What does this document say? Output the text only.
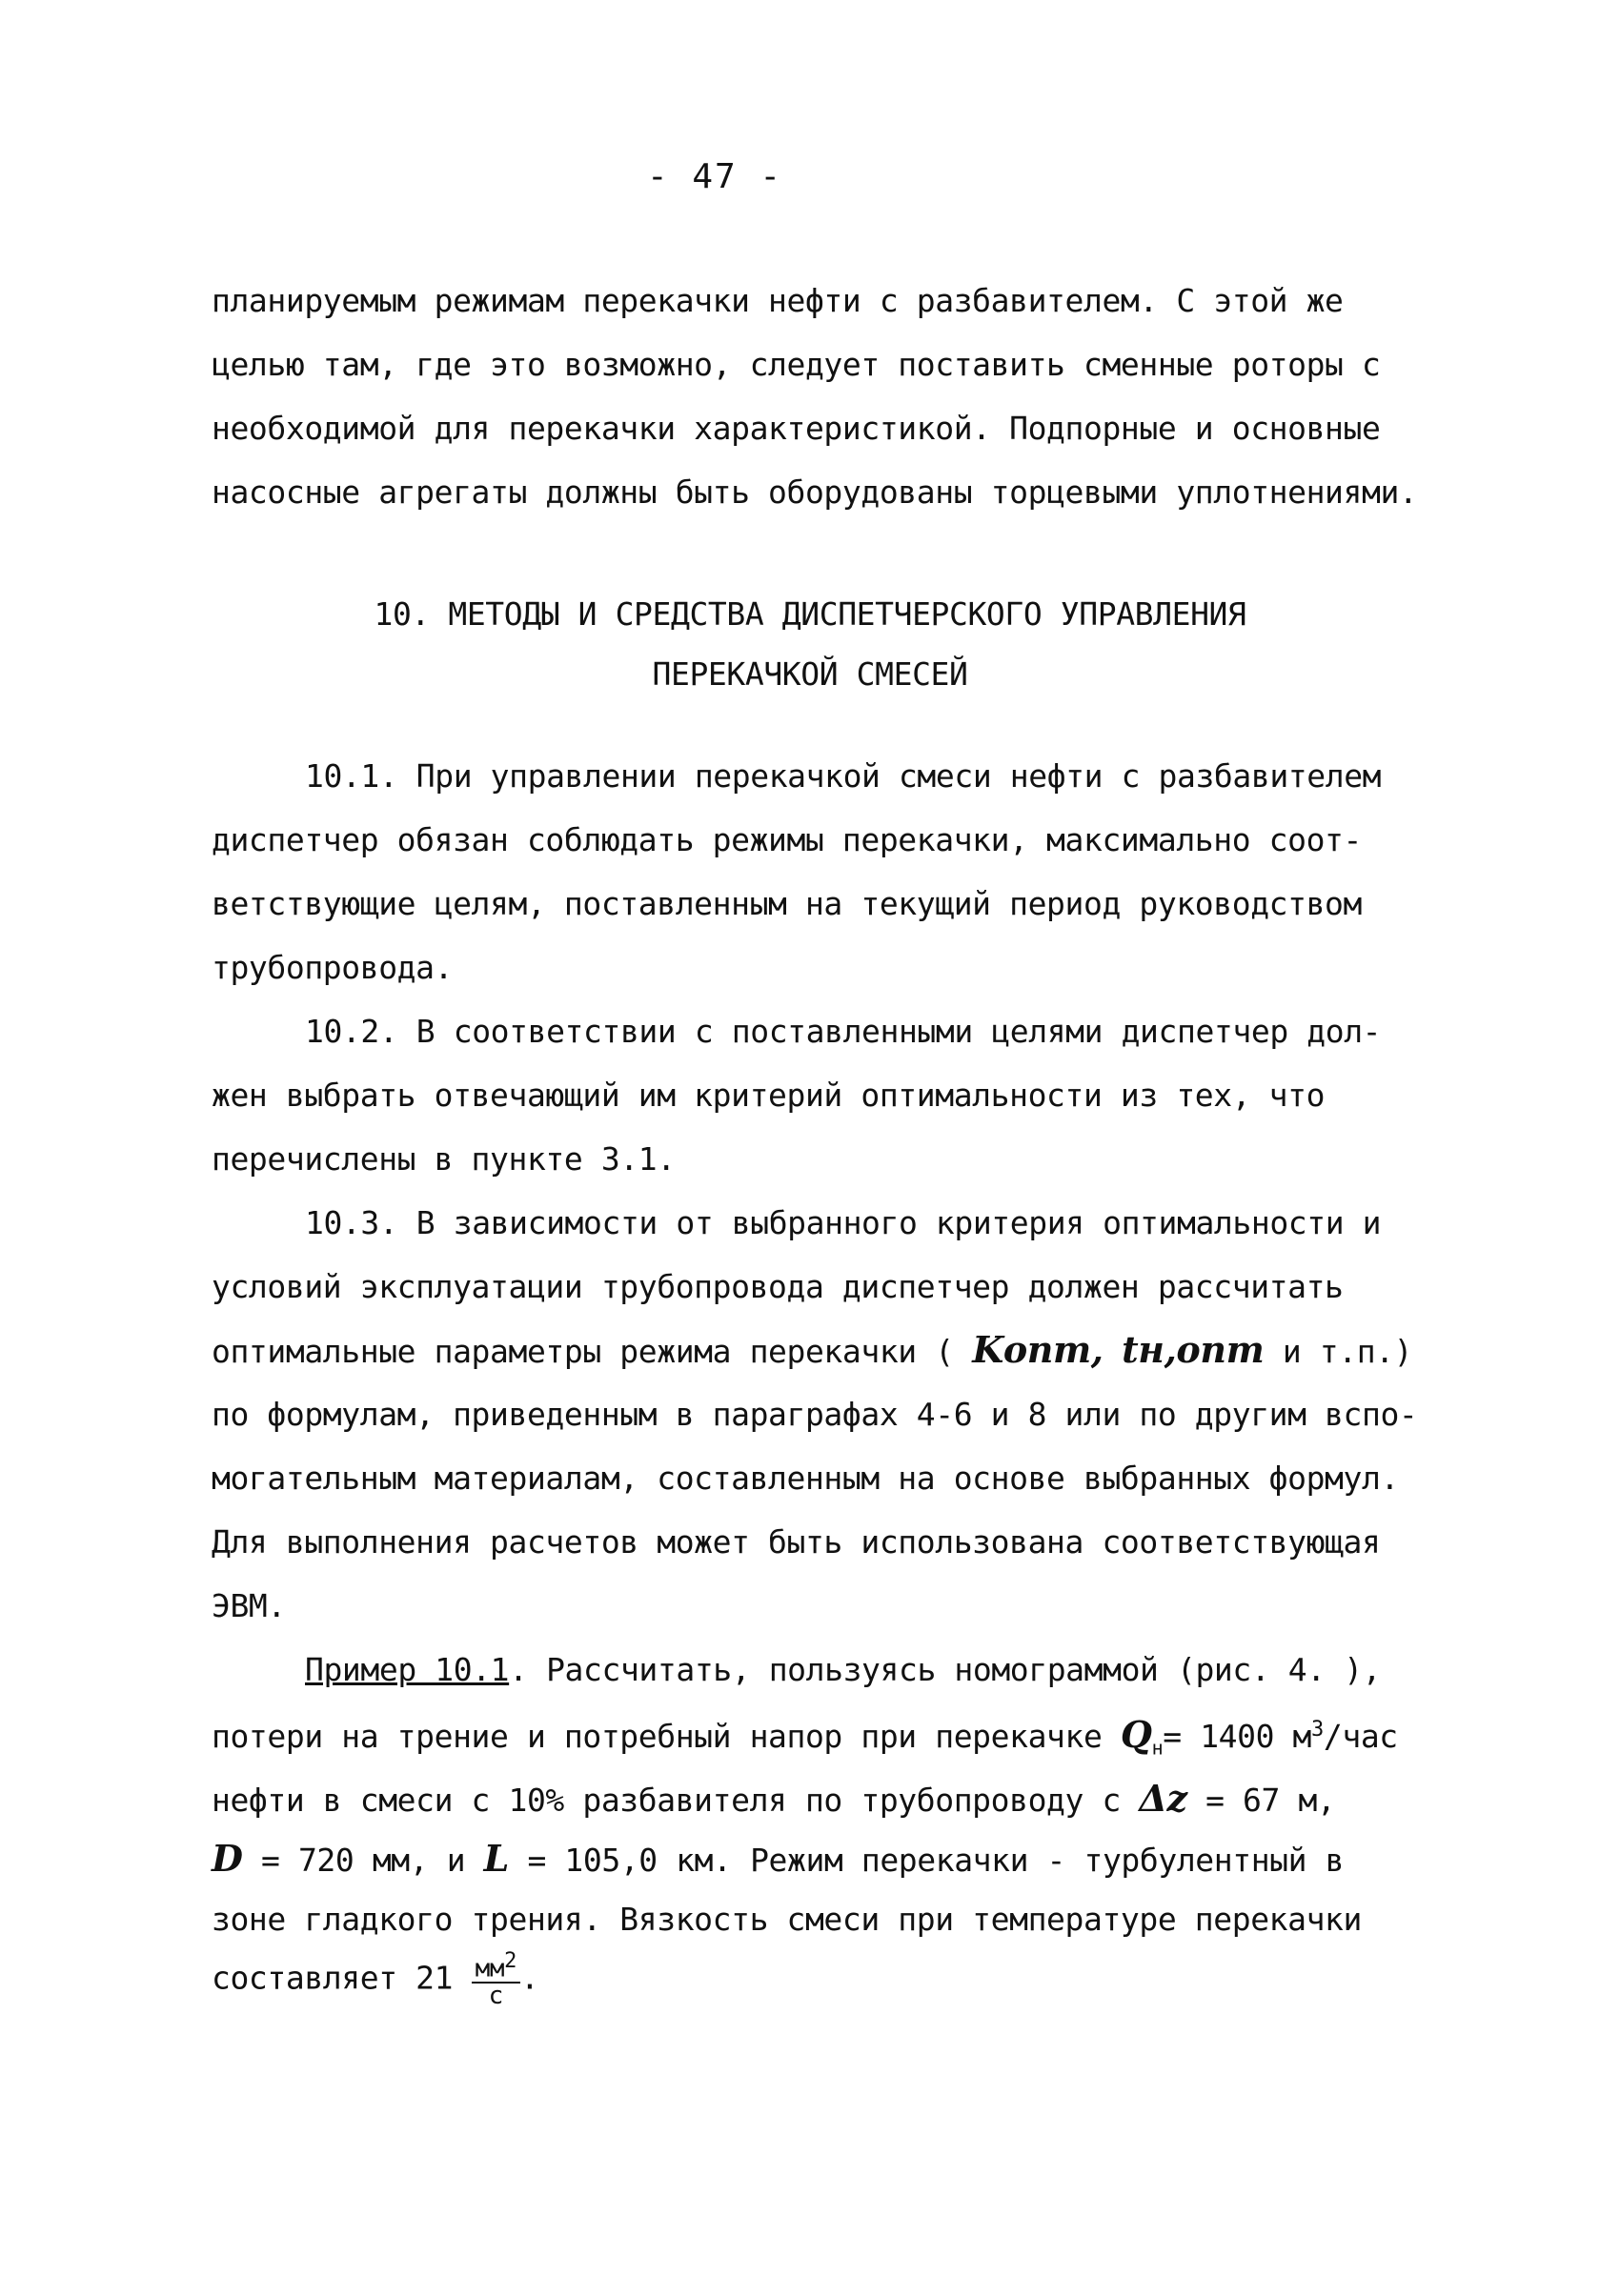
- 47 -
планируемым режимам перекачки нефти с разбавителем. С этой же
целью там, где это возможно, следует поставить сменные роторы с
необходимой для перекачки характеристикой. Подпорные и основные
насосные агрегаты должны быть оборудованы торцевыми уплотнениями.
10. МЕТОДЫ И СРЕДСТВА ДИСПЕТЧЕРСКОГО УПРАВЛЕНИЯ
ПЕРЕКАЧКОЙ СМЕСЕЙ
10.1. При управлении перекачкой смеси нефти с разбавителем
диспетчер обязан соблюдать режимы перекачки, максимально соот-
ветствующие целям, поставленным на текущий период руководством
трубопровода.
10.2. В соответствии с поставленными целями диспетчер дол-
жен выбрать отвечающий им критерий оптимальности из тех, что
перечислены в пункте 3.1.
10.3. В зависимости от выбранного критерия оптимальности и
условий эксплуатации трубопровода диспетчер должен рассчитать
оптимальные параметры режима перекачки ( Kопт, tн,опт и т.п.)
по формулам, приведенным в параграфах 4-6 и 8 или по другим вспо-
могательным материалам, составленным на основе выбранных формул.
Для выполнения расчетов может быть использована соответствующая
ЭВМ.
Пример 10.1. Рассчитать, пользуясь номограммой (рис. 4. ),
потери на трение и потребный напор при перекачке $Q_н= 1400$ $м^3$/час
нефти в смеси с 10% разбавителя по трубопроводу с Δz = 67 м,
D = 720 мм, и L = 105,0 км. Режим перекачки - турбулентный в
зоне гладкого трения. Вязкость смеси при температуре перекачки
составляет $21 \frac{мм^2}{с}$ .
